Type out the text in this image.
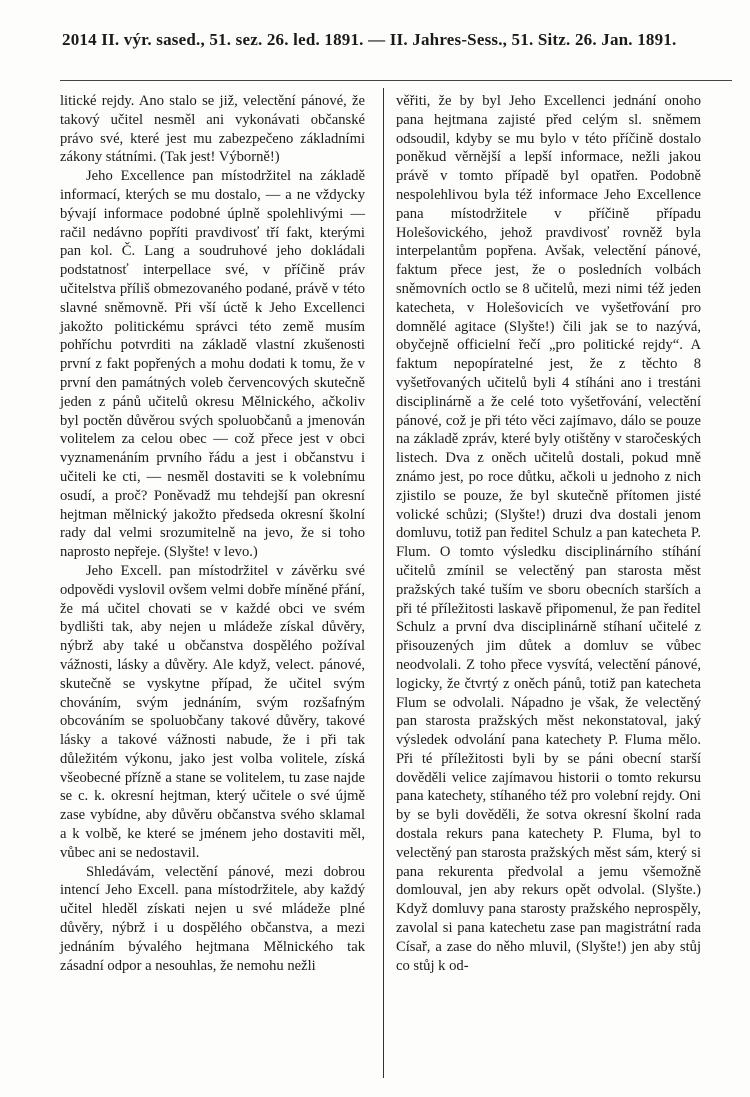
2014 II. výr. sased., 51. sez. 26. led. 1891. — II. Jahres-Sess., 51. Sitz. 26. Jan. 1891.

litické rejdy. Ano stalo se již, velectění pánové, že takový učitel nesměl ani vykonávati občanské právo své, které jest mu zabezpečeno základními zákony státními. (Tak jest! Výborně!)

Jeho Excellence pan místodržitel na základě informací, kterých se mu dostalo, — a ne vždycky bývají informace podobné úplně spolehlivými — račil nedávno popříti pravdivosť tří fakt, kterými pan kol. Č. Lang a soudruhové jeho dokládali podstatnosť interpellace své, v příčině práv učitelstva příliš obmezovaného podané, právě v této slavné sněmovně. Při vší úctě k Jeho Excellenci jakožto politickému správci této země musím pohříchu potvrditi na základě vlastní zkušenosti první z fakt popřených a mohu dodati k tomu, že v první den památných voleb červencových skutečně jeden z pánů učitelů okresu Mělnického, ačkoliv byl poctěn důvěrou svých spoluobčanů a jmenován volitelem za celou obec — což přece jest v obci vyznamenáním prvního řádu a jest i občanstvu i učiteli ke cti, — nesměl dostaviti se k volebnímu osudí, a proč? Poněvadž mu tehdejší pan okresní hejtman mělnický jakožto předseda okresní školní rady dal velmi srozumitelně na jevo, že si toho naprosto nepřeje. (Slyšte! v levo.)

Jeho Excell. pan místodržitel v závěrku své odpovědi vyslovil ovšem velmi dobře míněné přání, že má učitel chovati se v každé obci ve svém bydlišti tak, aby nejen u mládeže získal důvěry, nýbrž aby také u občanstva dospělého požíval vážnosti, lásky a důvěry. Ale když, velect. pánové, skutečně se vyskytne případ, že učitel svým chováním, svým jednáním, svým rozšafným obcováním se spoluobčany takové důvěry, takové lásky a takové vážnosti nabude, že i při tak důležitém výkonu, jako jest volba volitele, získá všeobecné přízně a stane se volitelem, tu zase najde se c. k. okresní hejtman, který učitele o své újmě zase vybídne, aby důvěru občanstva svého sklamal a k volbě, ke které se jménem jeho dostaviti měl, vůbec ani se nedostavil.

Shledávám, velectění pánové, mezi dobrou intencí Jeho Excell. pana místodržitele, aby každý učitel hleděl získati nejen u své mládeže plné důvěry, nýbrž i u dospělého občanstva, a mezi jednáním bývalého hejtmana Mělnického tak zásadní odpor a nesouhlas, že nemohu nežli

věřiti, že by byl Jeho Excellenci jednání onoho pana hejtmana zajisté před celým sl. sněmem odsoudil, kdyby se mu bylo v této příčině dostalo poněkud věrnější a lepší informace, nežli jakou právě v tomto případě byl opatřen. Podobně nespolehlivou byla též informace Jeho Excellence pana místodržitele v příčině případu Holešovického, jehož pravdivosť rovněž byla interpelantům popřena. Avšak, velectění pánové, faktum přece jest, že o posledních volbách sněmovních octlo se 8 učitelů, mezi nimi též jeden katecheta, v Holešovicích ve vyšetřování pro domnělé agitace (Slyšte!) čili jak se to nazývá, obyčejně officielní řečí „pro politické rejdy“. A faktum nepopíratelné jest, že z těchto 8 vyšetřovaných učitelů byli 4 stíháni ano i trestáni disciplinárně a že celé toto vyšetřování, velectění pánové, což je při této věci zajímavo, dálo se pouze na základě zpráv, které byly otištěny v staročeských listech. Dva z oněch učitelů dostali, pokud mně známo jest, po roce důtku, ačkoli u jednoho z nich zjistilo se pouze, že byl skutečně přítomen jisté volické schůzi; (Slyšte!) druzi dva dostali jenom domluvu, totiž pan ředitel Schulz a pan katecheta P. Flum. O tomto výsledku disciplinárního stíhání učitelů zmínil se velectěný pan starosta měst pražských také tuším ve sboru obecních starších a při té příležitosti laskavě připomenul, že pan ředitel Schulz a první dva disciplinárně stíhaní učitelé z přisouzených jim důtek a domluv se vůbec neodvolali. Z toho přece vysvítá, velectění pánové, logicky, že čtvrtý z oněch pánů, totiž pan katecheta Flum se odvolali. Nápadno je však, že velectěný pan starosta pražských měst nekonstatoval, jaký výsledek odvolání pana katechety P. Fluma mělo. Při té příležitosti byli by se páni obecní starší dověděli velice zajímavou historii o tomto rekursu pana katechety, stíhaného též pro volební rejdy. Oni by se byli dověděli, že sotva okresní školní rada dostala rekurs pana katechety P. Fluma, byl to velectěný pan starosta pražských měst sám, který si pana rekurenta předvolal a jemu všemožně domlouval, jen aby rekurs opět odvolal. (Slyšte.) Když domluvy pana starosty pražského neprospěly, zavolal si pana katechetu zase pan magistrátní rada Císař, a zase do něho mluvil, (Slyšte!) jen aby stůj co stůj k od-
